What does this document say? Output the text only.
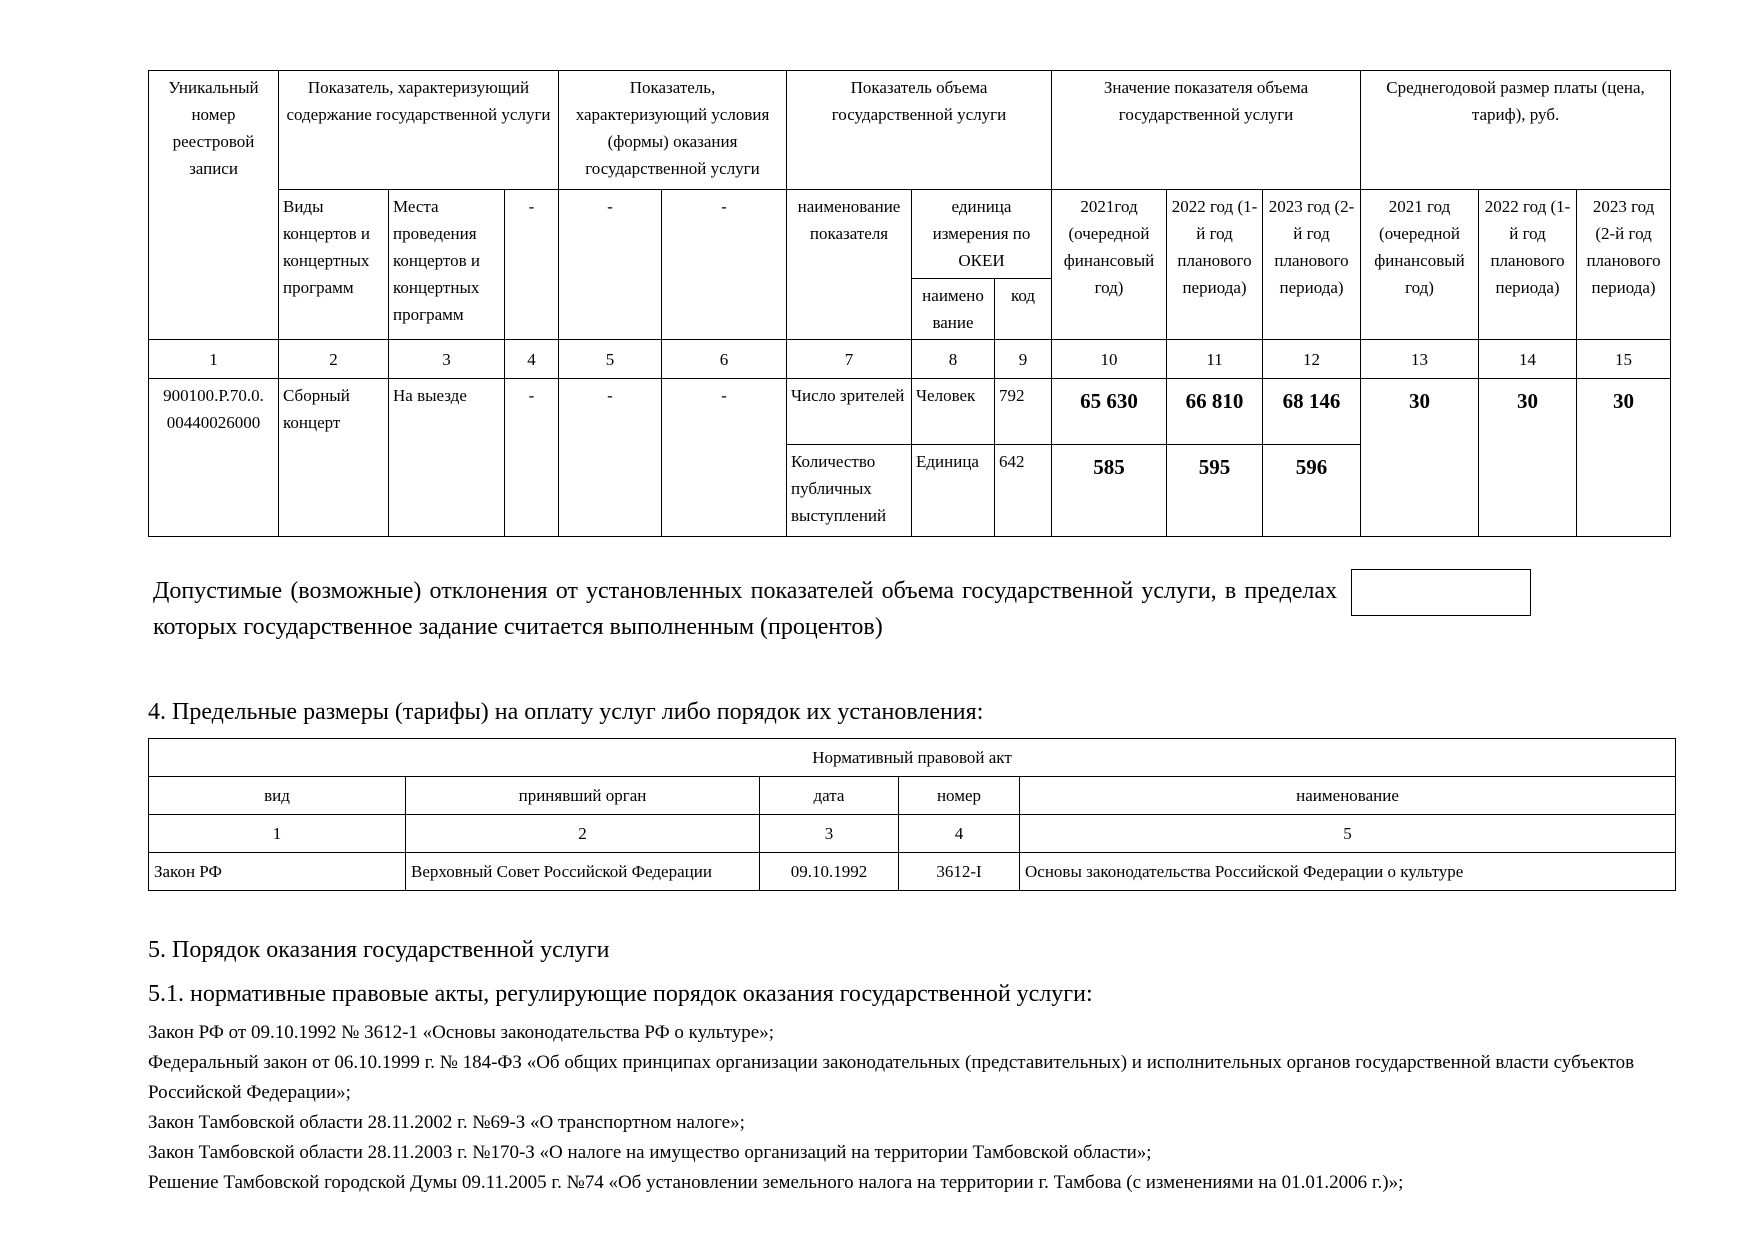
Уникальный номер реестровой записи	Показатель, характеризующий содержание государственной услуги			Показатель, характеризующий условия (формы) оказания государственной услуги		Показатель объема государственной услуги			Значение показателя объема государственной услуги			Среднегодовой размер платы (цена, тариф), руб.		
	Виды концертов и концертных программ	Места проведения концертов и концертных программ	-	-	-	наименование показателя	единица измерения по ОКЕИ		2021год (очередной финансовый год)	2022 год (1-й год планового периода)	2023 год (2-й год планового периода)	2021 год (очередной финансовый год)	2022 год (1-й год планового периода)	2023 год (2-й год планового периода)
							наимено вание	код						
1	2	3	4	5	6	7	8	9	10	11	12	13	14	15
900100.Р.70.0. 00440026000	Сборный концерт	На выезде	-	-	-	Число зрителей	Человек	792	65 630	66 810	68 146	30	30	30
						Количество публичных выступлений	Единица	642	585	595	596			
Допустимые (возможные) отклонения от установленных показателей объема государственной услуги, в пределах которых государственное задание считается выполненным (процентов)
4. Предельные размеры (тарифы) на оплату услуг либо порядок их установления:
Нормативный правовой акт				
вид	принявший орган	дата	номер	наименование
1	2	3	4	5
Закон РФ	Верховный Совет Российской Федерации	09.10.1992	3612-I	Основы законодательства Российской Федерации о культуре
5. Порядок оказания государственной услуги
5.1. нормативные правовые акты, регулирующие порядок оказания государственной услуги:
Закон РФ от 09.10.1992 № 3612-1 «Основы законодательства РФ о культуре»;
Федеральный закон от 06.10.1999 г. № 184-ФЗ «Об общих принципах организации законодательных (представительных) и исполнительных органов государственной власти субъектов Российской Федерации»;
Закон Тамбовской области 28.11.2002 г. №69-З «О транспортном налоге»;
Закон Тамбовской области 28.11.2003 г. №170-З «О налоге на имущество организаций на территории Тамбовской области»;
Решение Тамбовской городской Думы 09.11.2005 г. №74 «Об установлении земельного налога на территории г. Тамбова (с изменениями на 01.01.2006 г.)»;
